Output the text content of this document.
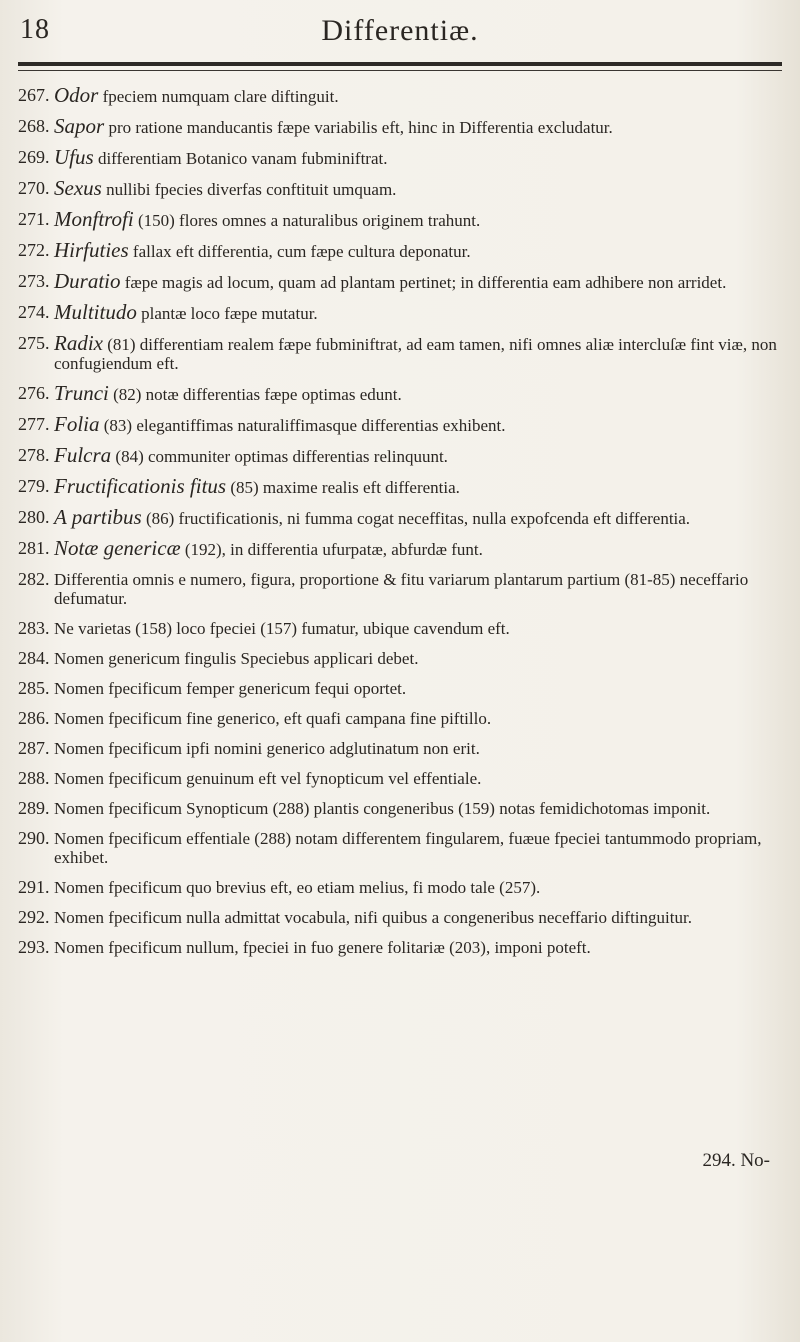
18	Differentiæ.
267. Odor fpeciem numquam clare diftinguit.
268. Sapor pro ratione manducantis fæpe variabilis eft, hinc in Differentia excludatur.
269. Ufus differentiam Botanico vanam fubminiftrat.
270. Sexus nullibi fpecies diverfas conftituit umquam.
271. Monftrofi (150) flores omnes a naturalibus originem trahunt.
272. Hirfuties fallax eft differentia, cum fæpe cultura deponatur.
273. Duratio fæpe magis ad locum, quam ad plantam pertinet; in differentia eam adhibere non arridet.
274. Multitudo plantæ loco fæpe mutatur.
275. Radix (81) differentiam realem fæpe fubminiftrat, ad eam tamen, nifi omnes aliæ intercluſæ fint viæ, non confugiendum eft.
276. Trunci (82) notæ differentias fæpe optimas edunt.
277. Folia (83) elegantiffimas naturaliffimasque differentias exhibent.
278. Fulcra (84) communiter optimas differentias relinquunt.
279. Fructificationis fitus (85) maxime realis eft differentia.
280. A partibus (86) fructificationis, ni fumma cogat neceffitas, nulla expofcenda eft differentia.
281. Notæ genericæ (192), in differentia ufurpatæ, abfurdæ funt.
282. Differentia omnis e numero, figura, proportione & fitu variarum plantarum partium (81-85) neceffario defumatur.
283. Ne varietas (158) loco fpeciei (157) fumatur, ubique cavendum eft.
284. Nomen genericum fingulis Speciebus applicari debet.
285. Nomen fpecificum femper genericum fequi oportet.
286. Nomen fpecificum fine generico, eft quafi campana fine piftillo.
287. Nomen fpecificum ipfi nomini generico adglutinatum non erit.
288. Nomen fpecificum genuinum eft vel fynopticum vel effentiale.
289. Nomen fpecificum Synopticum (288) plantis congeneribus (159) notas femidichotomas imponit.
290. Nomen fpecificum effentiale (288) notam differentem fingularem, fuæue fpeciei tantummodo propriam, exhibet.
291. Nomen fpecificum quo brevius eft, eo etiam melius, fi modo tale (257).
292. Nomen fpecificum nulla admittat vocabula, nifi quibus a congeneribus neceffario diftinguitur.
293. Nomen fpecificum nullum, fpeciei in fuo genere folitariæ (203), imponi poteft.
294. No-
